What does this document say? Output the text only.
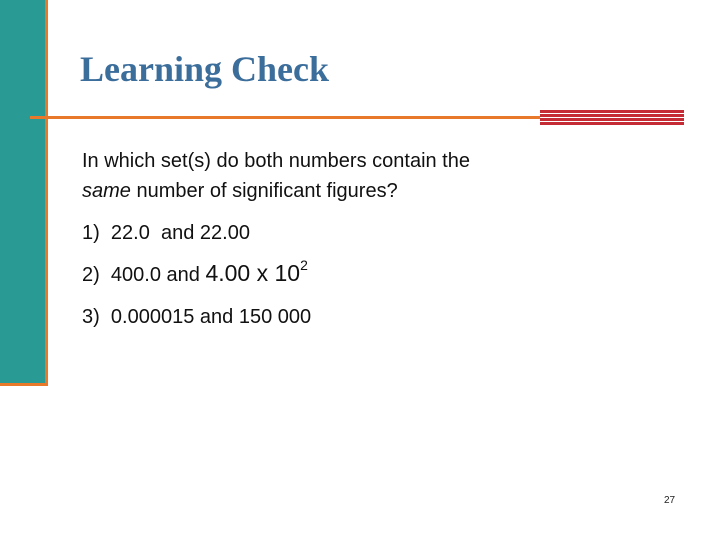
Learning Check

In which set(s) do both numbers contain the
same number of significant figures?

1) 22.0  and 22.00

2) 400.0 and 4.00 x $10^2$

3) 0.000015 and 150 000

27
